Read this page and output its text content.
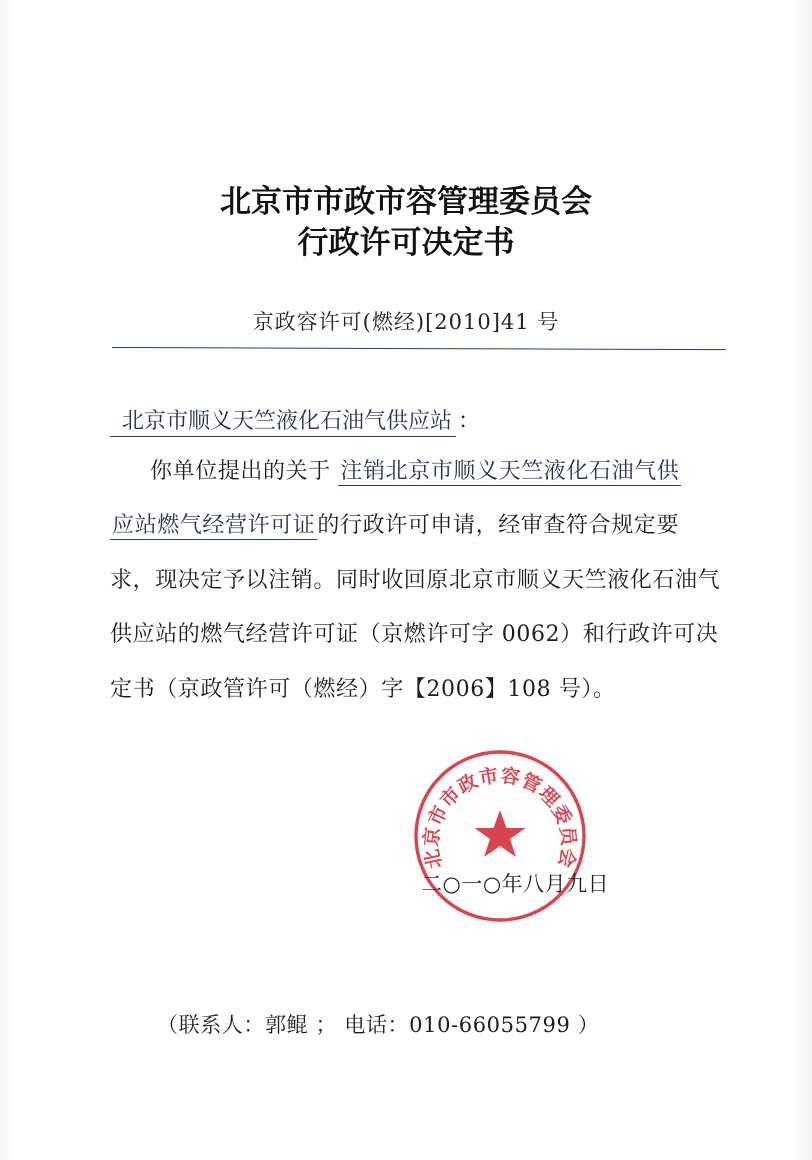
北京市市政市容管理委员会
行政许可决定书
京政容许可(燃经)[2010]41 号
北京市顺义天竺液化石油气供应站 ：
你单位提出的关于 注销北京市顺义天竺液化石油气供
应站燃气经营许可证的行政许可申请，经审查符合规定要
求，现决定予以注销。同时收回原北京市顺义天竺液化石油气
供应站的燃气经营许可证（京燃许可字 0062）和行政许可决
定书（京政管许可（燃经）字【2006】108 号）。
北京市市政市容管理委员会
二○一○年八月九日
（联系人：郭鲲 ； 电话：010-66055799 ）
